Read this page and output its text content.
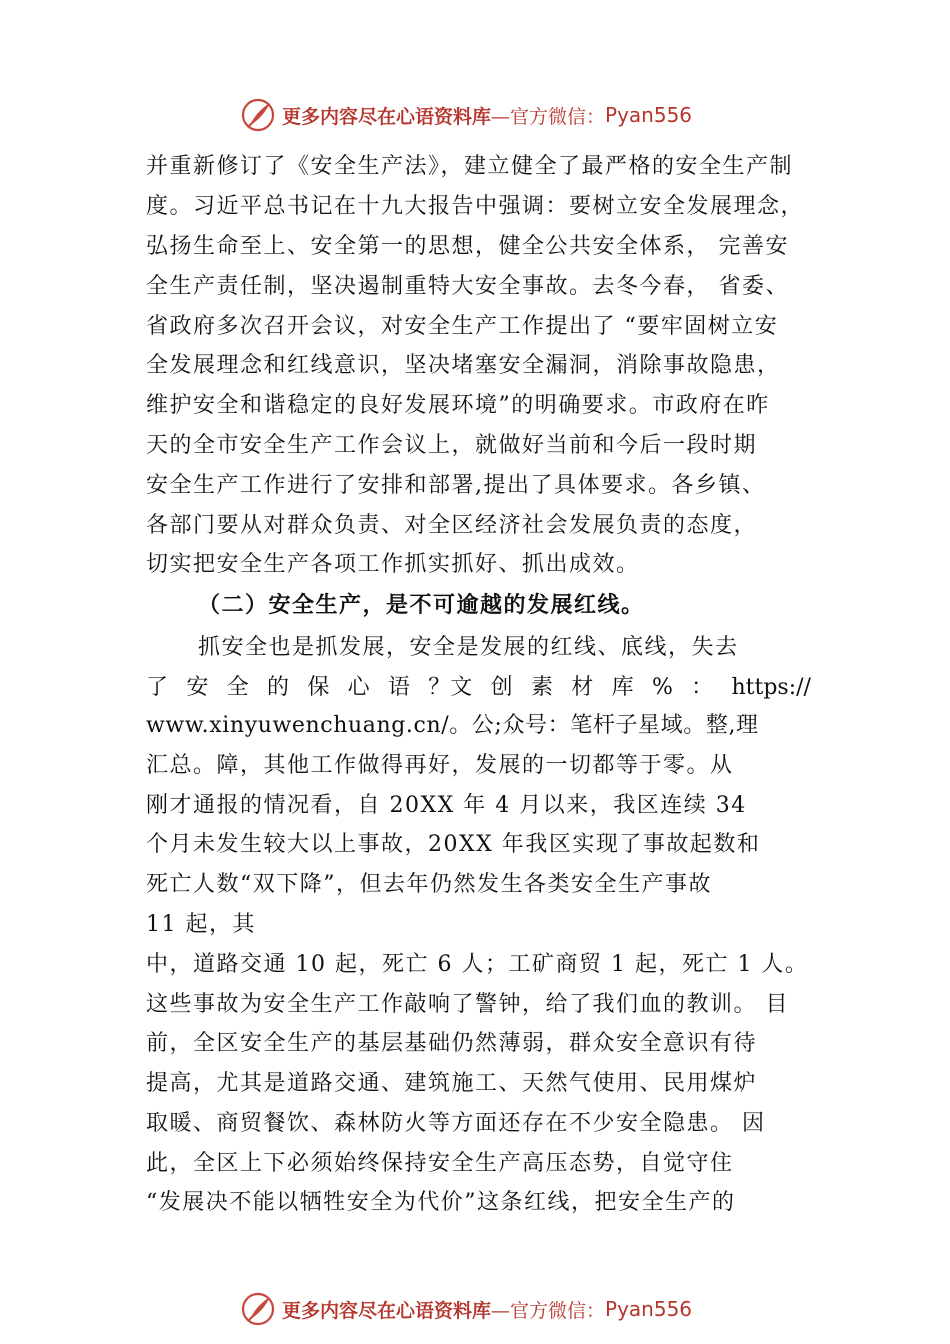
更多内容尽在心语资料库 —官方微信： Pyan556
并重新修订了《安全生产法》，建立健全了最严格的安全生产制
度。习近平总书记在十九大报告中强调：要树立安全发展理念，
弘扬生命至上、安全第一的思想，健全公共安全体系， 完善安
全生产责任制，坚决遏制重特大安全事故。去冬今春， 省委、
省政府多次召开会议，对安全生产工作提出了 “要牢固树立安
全发展理念和红线意识，坚决堵塞安全漏洞，消除事故隐患，
维护安全和谐稳定的良好发展环境”的明确要求。市政府在昨
天的全市安全生产工作会议上，就做好当前和今后一段时期
安全生产工作进行了安排和部署,提出了具体要求。各乡镇、
各部门要从对群众负责、对全区经济社会发展负责的态度，
切实把安全生产各项工作抓实抓好、抓出成效。
（二）安全生产，是不可逾越的发展红线。
抓安全也是抓发展，安全是发展的红线、底线，失去
了 安 全 的 保 心 语 ？文 创 素 材 库 % ： https://
www.xinyuwenchuang.cn/。公;众号：笔杆子星域。整,理
汇总。障，其他工作做得再好，发展的一切都等于零。从
刚才通报的情况看，自 20XX 年 4 月以来，我区连续 34
个月未发生较大以上事故，20XX 年我区实现了事故起数和
死亡人数“双下降”，但去年仍然发生各类安全生产事故
11 起，其
中，道路交通 10 起，死亡 6 人；工矿商贸 1 起，死亡 1 人。
这些事故为安全生产工作敲响了警钟，给了我们血的教训。 目
前，全区安全生产的基层基础仍然薄弱，群众安全意识有待
提高，尤其是道路交通、建筑施工、天然气使用、民用煤炉
取暖、商贸餐饮、森林防火等方面还存在不少安全隐患。 因
此，全区上下必须始终保持安全生产高压态势，自觉守住
“发展决不能以牺牲安全为代价”这条红线，把安全生产的
更多内容尽在心语资料库 —官方微信： Pyan556
